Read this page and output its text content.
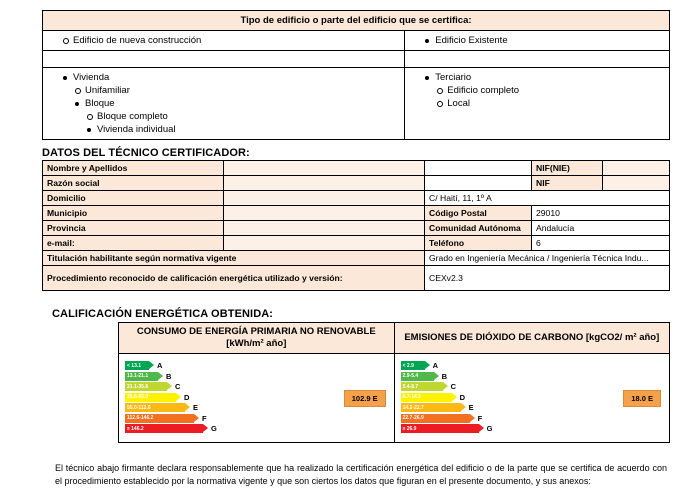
Tipo de edificio o parte del edificio que se certifica:	

Edificio de nueva construcción	Edificio Existente

Vivienda
Unifamiliar
Bloque
Bloque completo
Vivienda individual

Terciario
Edificio completo
Local
DATOS DEL TÉCNICO CERTIFICADOR:
Nombre y Apellidos			NIF(NIE)	
Razón social			NIF	
Domicilio		C/ Haití, 11, 1º A		
Municipio		Código Postal	29010	
Provincia		Comunidad Autónoma	Andalucía	
e-mail:		Teléfono	6	
Titulación habilitante según normativa vigente		Grado en Ingeniería Mecánica / Ingeniería Técnica Indu...		
Procedimiento reconocido de calificación energética utilizado y versión:		CEXv2.3		
CALIFICACIÓN ENERGÉTICA OBTENIDA:
CONSUMO DE ENERGÍA PRIMARIA NO RENOVABLE [kWh/m² año]	EMISIONES DE DIÓXIDO DE CARBONO [kgCO2/ m² año]

< 13.1 A
13.1-21.1 B
21.1-35.6	C
35.6-55.0	D
55.0-112.6	E
112.6-146.2	F
≥ 146.2	G
102.9 E

< 2.9 A
2.9-5.4	B
5.4-8.7	C
8.7-14.2	D
14.2-22.7	E
22.7-26.9	F
≥ 26.9	G
18.0 E
El técnico abajo firmante declara responsablemente que ha realizado la certificación energética del edificio o de la parte que se certifica de acuerdo con el procedimiento establecido por la normativa vigente y que son ciertos los datos que figuran en el presente documento, y sus anexos:
